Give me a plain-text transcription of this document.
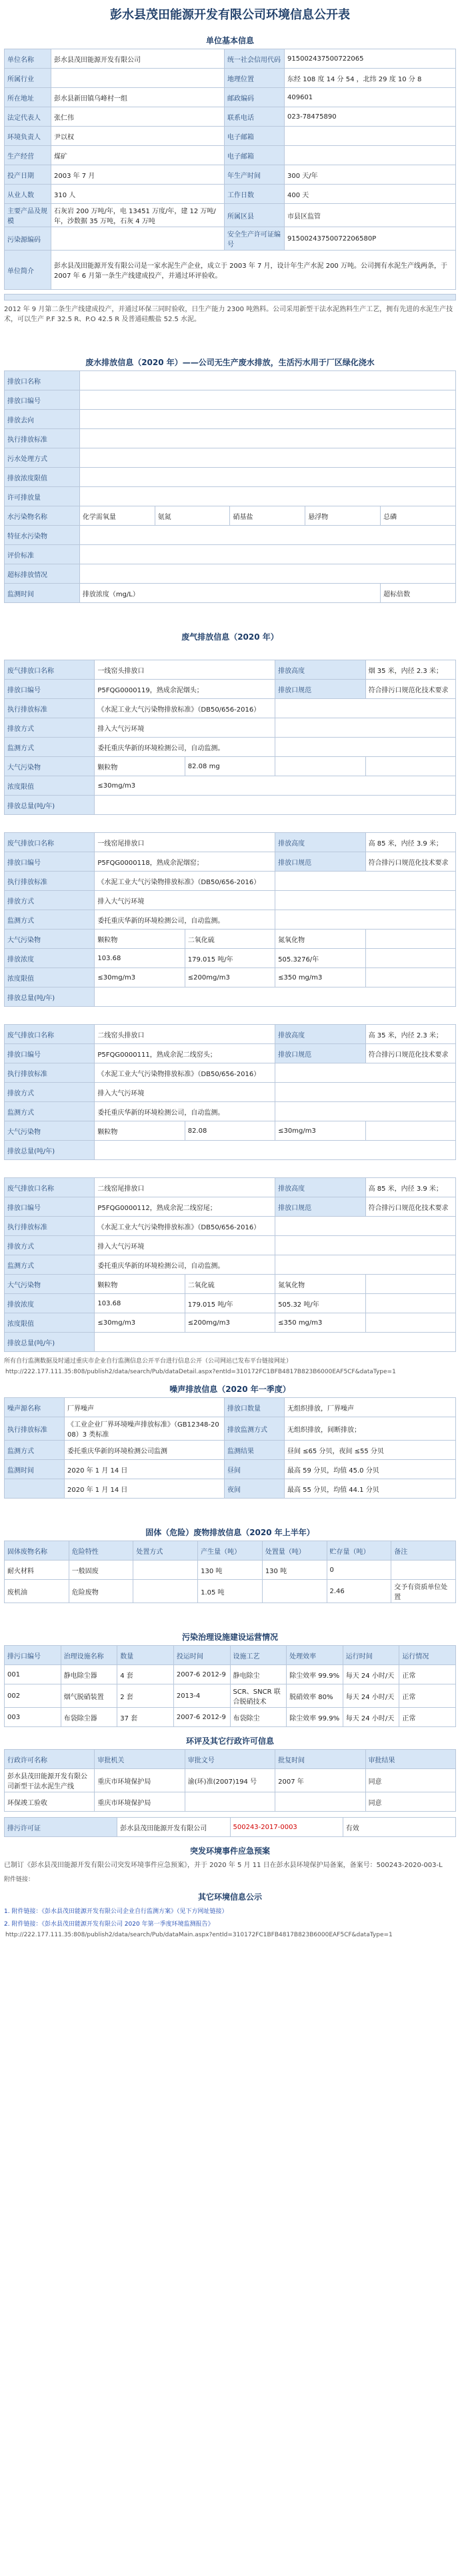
彭水县茂田能源开发有限公司环境信息公开表
单位基本信息
单位名称	彭水县茂田能源开发有限公司	统一社会信用代码	915002437500722065
所属行业		地理位置	东经 108 度 14 分 54 ，北纬 29 度 10 分 8
所在地址	彭水县新田镇乌峰村一组	邮政编码	409601
法定代表人	张仁伟	联系电话	023-78475890
环境负责人	尹以权	电子邮箱	
生产经营	煤矿	电子邮箱	
投产日期	2003 年 7 月	年生产时间	300 天/年
从业人数	310 人	工作日数	400 天
主要产品及规模	石灰岩 200 万吨/年，电 13451 万度/年，建 12 万吨/年，沙数据 35 万吨，石灰 4 万吨	所属区县	市县区监管
污染源编码		安全生产许可证编号	91500243750072206580P
单位简介	彭水县茂田能源开发有限公司是一家水泥生产企业，成立于 2003 年 7 月，设计年生产水泥 200 万吨。公司拥有水泥生产线两条，于 2007 年 6 月第一条生产线建成投产，并通过环评验收。		
2012 年 9 月第二条生产线建成投产，并通过环保三同时验收，日生产能力 2300 吨熟料。公司采用新型干法水泥熟料生产工艺，拥有先进的水泥生产技术，可以生产 P.F 32.5 R、P.O 42.5 R 及普通硅酸盐 52.5 水泥。
废水排放信息（2020 年）——公司无生产废水排放，生活污水用于厂区绿化浇水
排放口名称					
排放口编号					
排放去向					
执行排放标准					
污水处理方式					
排放浓度限值					
许可排放量					
水污染物名称	化学需氧量	氨氮	硝基盐	悬浮物	总磷
特征水污染物					
评价标准					
超标排放情况					
监测时间	排放浓度（mg/L）				超标倍数
废气排放信息（2020 年）
废气排放口名称	一线窑头排放口		排放高度	烟 35 米，内径 2.3 米；
排放口编号	P5FQG0000119，熟成余泥烟头；		排放口规范	符合排污口规范化技术要求
执行排放标准	《水泥工业大气污染物排放标准》（DB50/656-2016）			
排放方式	排入大气污环境			
监测方式	委托重庆华新的环境检测公司，自动监测。			
大气污染物	颗粒物	82.08 mg		
浓度限值	≤30mg/m3			
排放总量(吨/年)				
废气排放口名称	一线窑尾排放口		排放高度	高 85 米，内径 3.9 米；
排放口编号	P5FQG0000118，熟成余泥烟窑；		排放口规范	符合排污口规范化技术要求
执行排放标准	《水泥工业大气污染物排放标准》（DB50/656-2016）			
排放方式	排入大气污环境			
监测方式	委托重庆华新的环境检测公司，自动监测。			
大气污染物	颗粒物	二氧化硫	氮氧化物	
排放浓度	103.68	179.015 吨/年	505.3276/年	
浓度限值	≤30mg/m3	≤200mg/m3	≤350 mg/m3	
排放总量(吨/年)				
废气排放口名称	二线窑头排放口		排放高度	高 35 米，内径 2.3 米；
排放口编号	P5FQG0000111，熟成余泥二线窑头；		排放口规范	符合排污口规范化技术要求
执行排放标准	《水泥工业大气污染物排放标准》（DB50/656-2016）			
排放方式	排入大气污环境			
监测方式	委托重庆华新的环境检测公司，自动监测。			
大气污染物	颗粒物	82.08	≤30mg/m3	
排放总量(吨/年)				
废气排放口名称	二线窑尾排放口		排放高度	高 85 米，内径 3.9 米；
排放口编号	P5FQG0000112，熟成余泥二线窑尾；		排放口规范	符合排污口规范化技术要求
执行排放标准	《水泥工业大气污染物排放标准》（DB50/656-2016）			
排放方式	排入大气污环境			
监测方式	委托重庆华新的环境检测公司，自动监测。			
大气污染物	颗粒物	二氧化硫	氮氧化物	
排放浓度	103.68	179.015 吨/年	505.32 吨/年	
浓度限值	≤30mg/m3	≤200mg/m3	≤350 mg/m3	
排放总量(吨/年)				
所有自行监测数据及时通过重庆市企业自行监测信息公开平台进行信息公开（公司网站已发布平台链接网址）
http://222.177.111.35:808/publish2/data/search/Pub/dataDetail.aspx?entId=310172FC1BFB4817B823B6000EAF5CF&dataType=1
噪声排放信息（2020 年一季度）
噪声源名称	厂界噪声	排放口数量	无组织排放，厂界噪声
执行排放标准	《工业企业厂界环境噪声排放标准》（GB12348-2008）3 类标准	排放监测方式	无组织排放，间断排放；
监测方式	委托重庆华新的环境检测公司监测	监测结果	昼间 ≤65 分贝，夜间 ≤55 分贝
监测时间	2020 年 1 月 14 日	昼间	最高 59 分贝，均值 45.0 分贝
	2020 年 1 月 14 日	夜间	最高 55 分贝，均值 44.1 分贝
固体（危险）废物排放信息（2020 年上半年）
固体废物名称	危险特性	处置方式	产生量（吨）	处置量（吨）	贮存量（吨）	备注
耐火材料	一般固废		130 吨	130 吨	0	
废机油	危险废物		1.05 吨		2.46	交予有资质单位处置
污染治理设施建设运营情况
排污口编号	治理设施名称	数量	投运时间	设施工艺	处理效率	运行时间	运行情况
001	静电除尘器	4 套	2007-6 2012-9	静电除尘	除尘效率 99.9%	每天 24 小时/天	正常
002	烟气脱硝装置	2 套	2013-4	SCR、SNCR 联合脱硝技术	脱硝效率 80%	每天 24 小时/天	正常
003	布袋除尘器	37 套	2007-6 2012-9	布袋除尘	除尘效率 99.9%	每天 24 小时/天	正常
环评及其它行政许可信息
行政许可名称	审批机关	审批文号	批复时间	审批结果
彭水县茂田能源开发有限公司新型干法水泥生产线	重庆市环境保护局	渝(环)准(2007)194 号	2007 年	同意
环保竣工验收	重庆市环境保护局			同意
排污许可证	彭水县茂田能源开发有限公司	500243-2017-0003	有效
突发环境事件应急预案
已制订《彭水县茂田能源开发有限公司突发环境事件应急预案》，并于 2020 年 5 月 11 日在彭水县环境保护局备案，备案号：500243-2020-003-L
附件链接：
其它环境信息公示
1. 附件链接：《彭水县茂田能源开发有限公司企业自行监测方案》（见下方网址链接）
2. 附件链接：《彭水县茂田能源开发有限公司 2020 年第一季度环境监测报告》
http://222.177.111.35:808/publish2/data/search/Pub/dataMain.aspx?entId=310172FC1BFB4817B823B6000EAF5CF&dataType=1
